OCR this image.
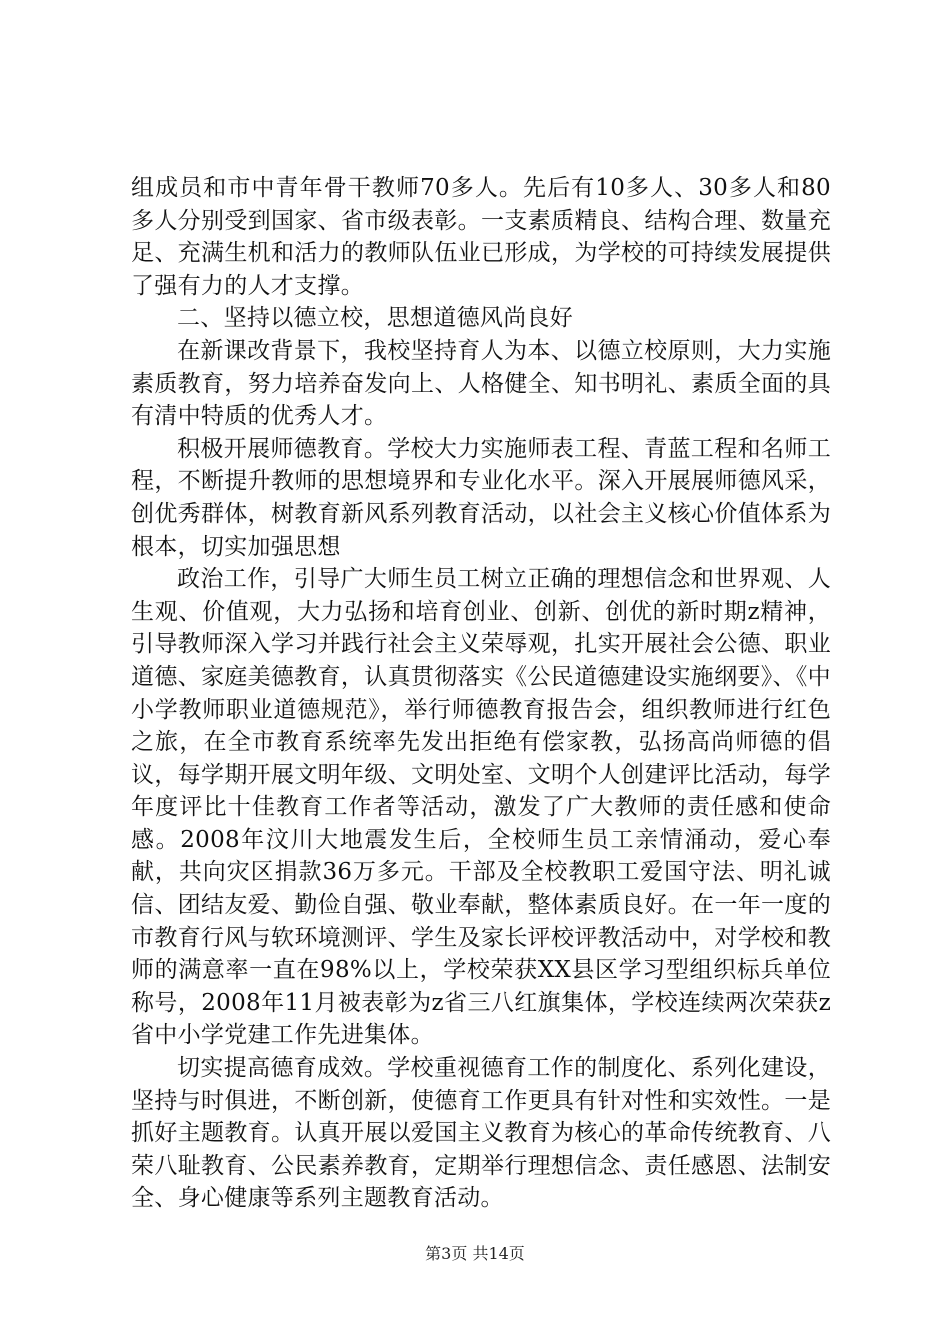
组成员和市中青年骨干教师70多人。先后有10多人、30多人和80多人分别受到国家、省市级表彰。一支素质精良、结构合理、数量充足、充满生机和活力的教师队伍业已形成，为学校的可持续发展提供了强有力的人才支撑。

二、坚持以德立校，思想道德风尚良好

在新课改背景下，我校坚持育人为本、以德立校原则，大力实施素质教育，努力培养奋发向上、人格健全、知书明礼、素质全面的具有清中特质的优秀人才。

积极开展师德教育。学校大力实施师表工程、青蓝工程和名师工程，不断提升教师的思想境界和专业化水平。深入开展展师德风采，创优秀群体，树教育新风系列教育活动，以社会主义核心价值体系为根本，切实加强思想

政治工作，引导广大师生员工树立正确的理想信念和世界观、人生观、价值观，大力弘扬和培育创业、创新、创优的新时期z精神，引导教师深入学习并践行社会主义荣辱观，扎实开展社会公德、职业道德、家庭美德教育，认真贯彻落实《公民道德建设实施纲要》、《中小学教师职业道德规范》，举行师德教育报告会，组织教师进行红色之旅，在全市教育系统率先发出拒绝有偿家教，弘扬高尚师德的倡议，每学期开展文明年级、文明处室、文明个人创建评比活动，每学年度评比十佳教育工作者等活动，激发了广大教师的责任感和使命感。2008年汶川大地震发生后，全校师生员工亲情涌动，爱心奉献，共向灾区捐款36万多元。干部及全校教职工爱国守法、明礼诚信、团结友爱、勤俭自强、敬业奉献，整体素质良好。在一年一度的市教育行风与软环境测评、学生及家长评校评教活动中，对学校和教师的满意率一直在98%以上，学校荣获XX县区学习型组织标兵单位称号，2008年11月被表彰为z省三八红旗集体，学校连续两次荣获z省中小学党建工作先进集体。

切实提高德育成效。学校重视德育工作的制度化、系列化建设，坚持与时俱进，不断创新，使德育工作更具有针对性和实效性。一是抓好主题教育。认真开展以爱国主义教育为核心的革命传统教育、八荣八耻教育、公民素养教育，定期举行理想信念、责任感恩、法制安全、身心健康等系列主题教育活动。

第3页 共14页
